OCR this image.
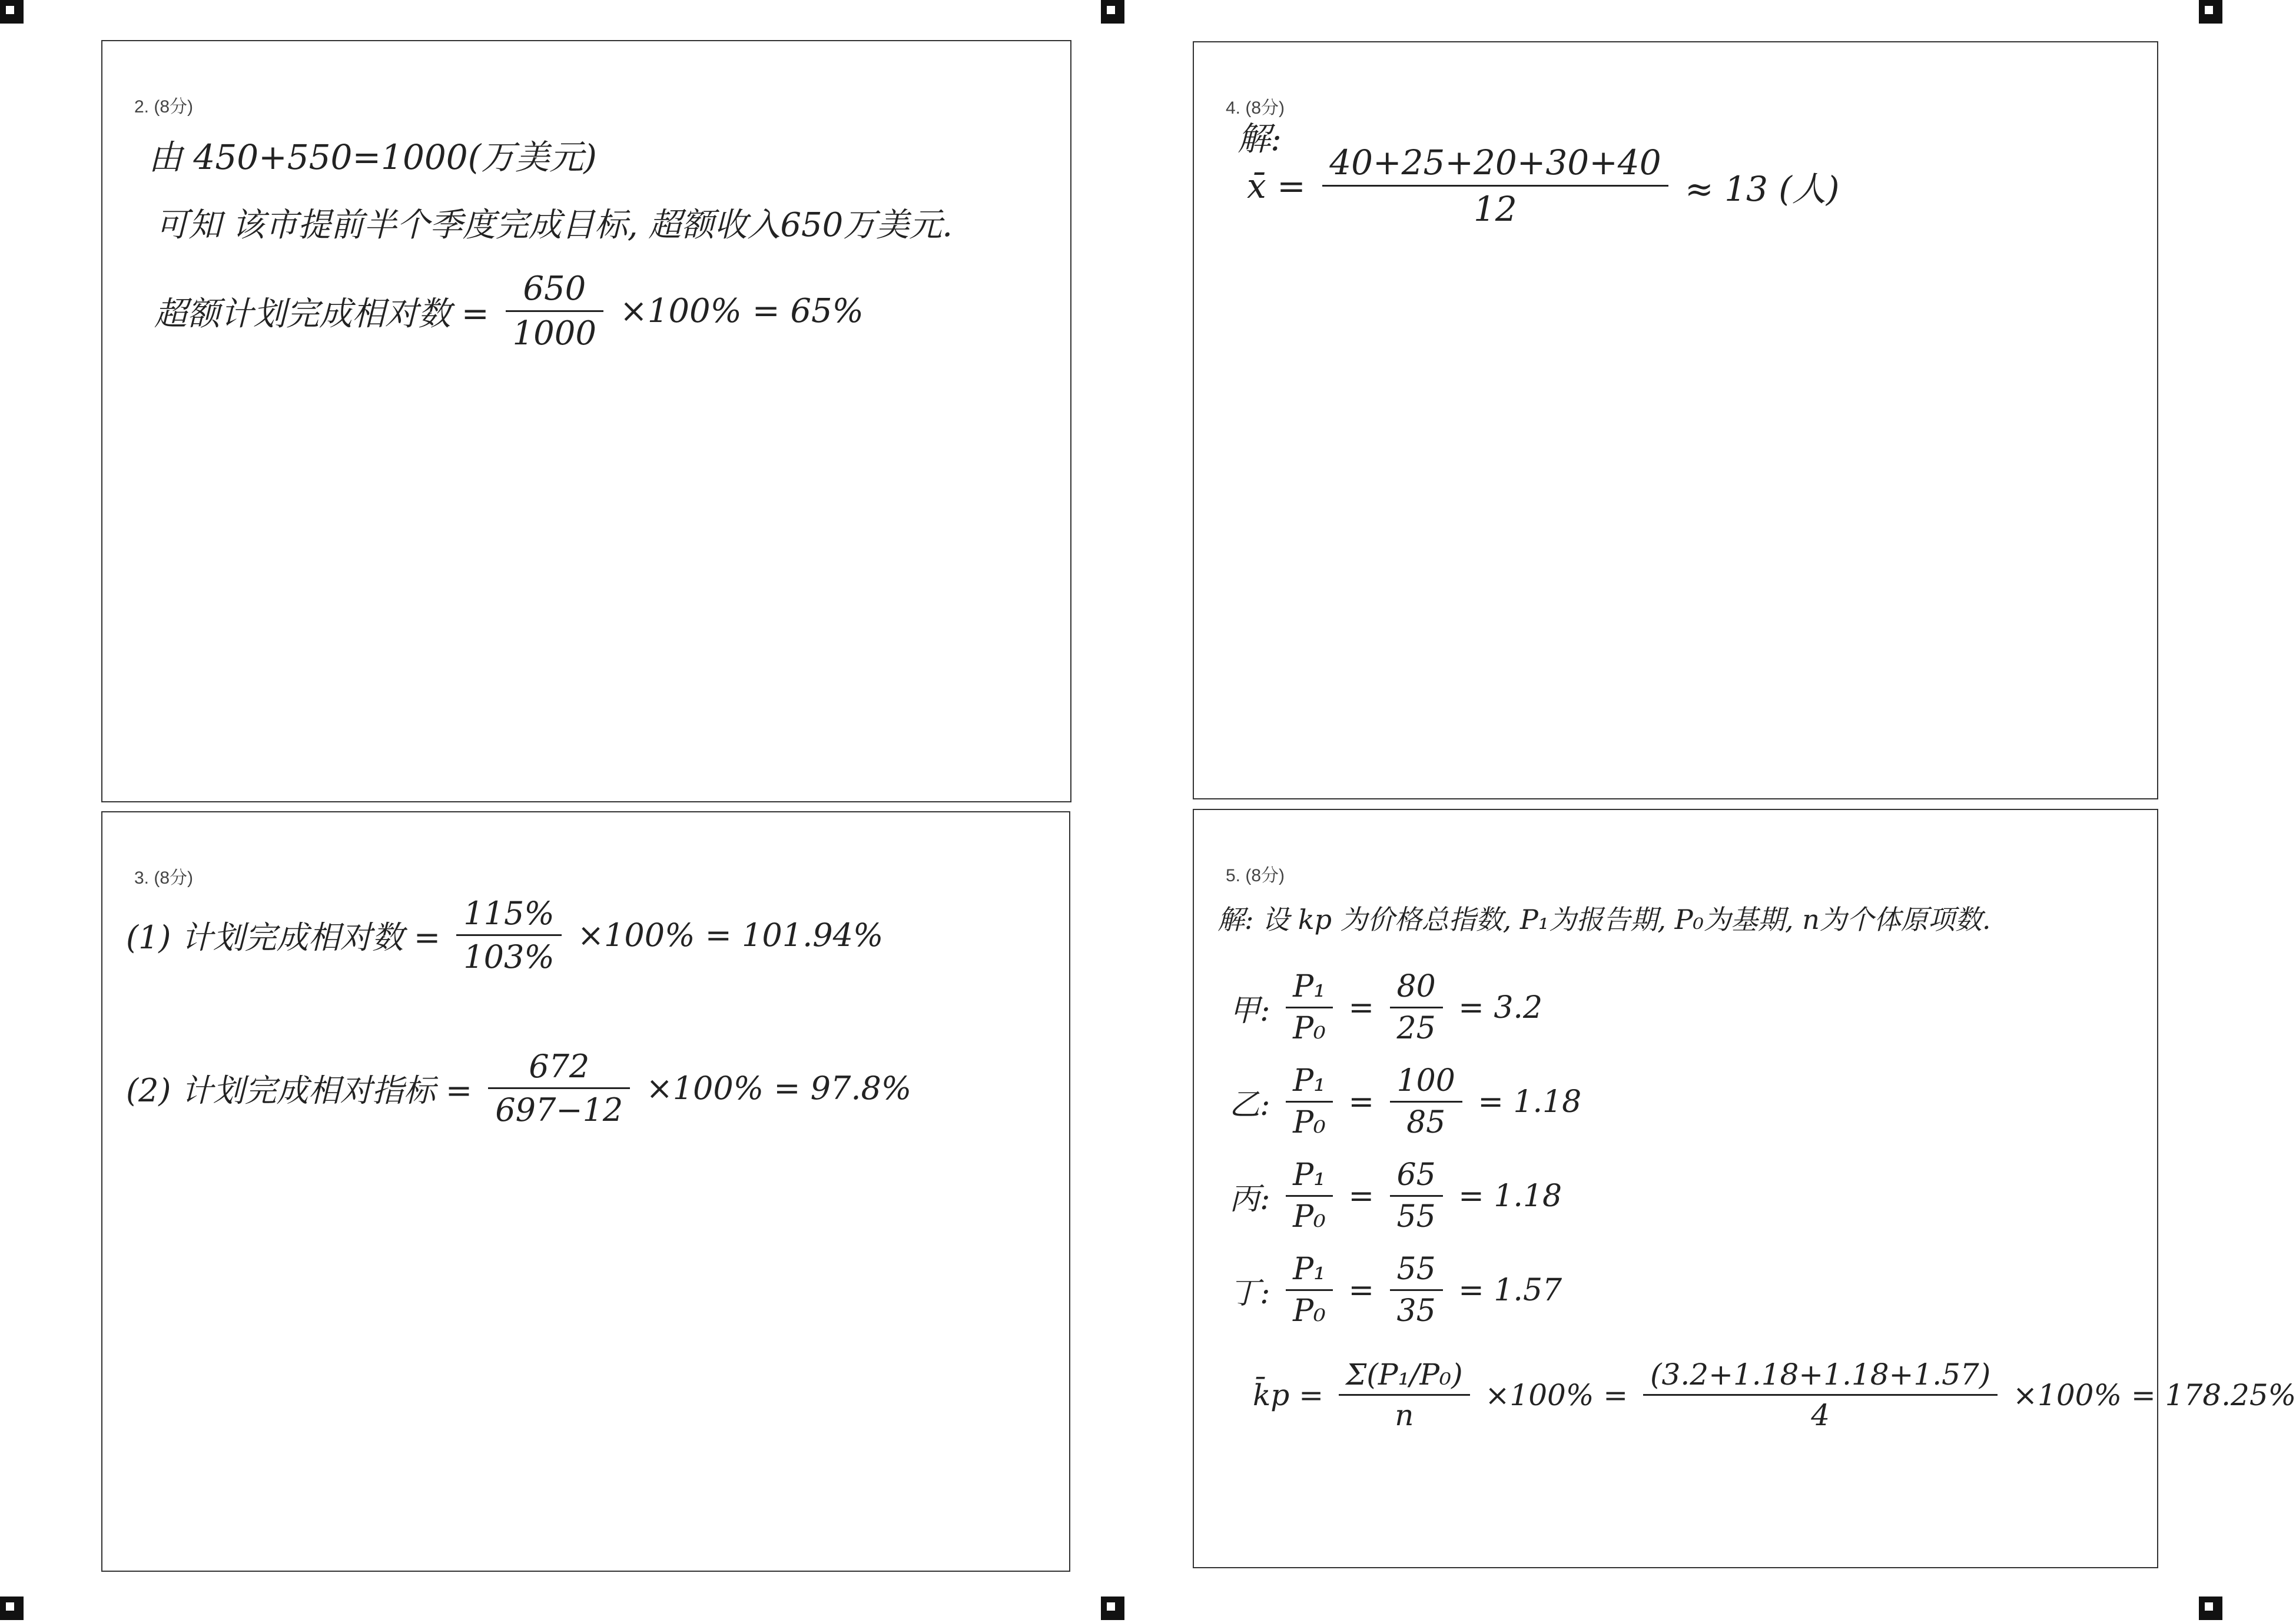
2. (8分)
由 450+550=1000(万美元)
可知 该市提前半个季度完成目标, 超额收入650万美元.
超额计划完成相对数 = $\frac{650}{1000} \times 100\% = 65\%$
4. (8分)
解:
x̄ = $\frac{40+25+20+30+40}{12} \approx 13$ (人)
3. (8分)
(1) 计划完成相对数 = $\frac{115\%}{103\%} \times 100\% = 101.94\%$
(2) 计划完成相对指标 = $\frac{672}{697-12} \times 100\% = 97.8\%$
5. (8分)
解: 设 kp 为价格总指数, P₁为报告期, P₀为基期, n为个体原项数.
甲: $\frac{\text{P₁}}{\text{P₀}} = \frac{80}{25} = 3.2$
乙: $\frac{\text{P₁}}{\text{P₀}} = \frac{100}{85} = 1.18$
丙: $\frac{\text{P₁}}{\text{P₀}} = \frac{65}{55} = 1.18$
丁: $\frac{\text{P₁}}{\text{P₀}} = \frac{55}{35} = 1.57$
k̄p = $\frac{\text{Σ(P₁/P₀)}}{n} \times 100\% = \frac{(3.2+1.18+1.18+1.57)}{4} \times 100\% = 178.25\%$
